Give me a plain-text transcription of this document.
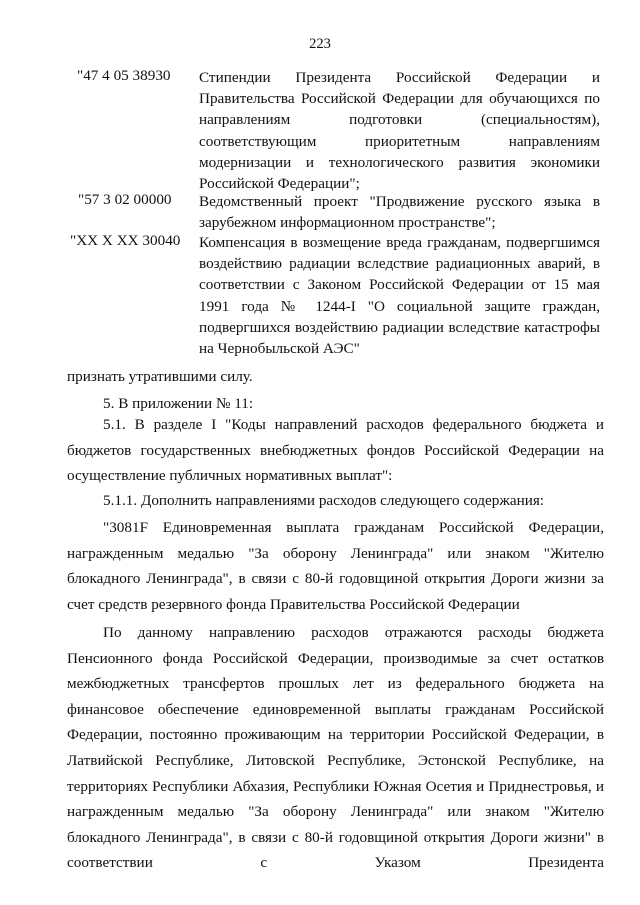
223
"47 4 05 38930 Стипендии Президента Российской Федерации и Правительства Российской Федерации для обучающихся по направлениям подготовки (специальностям), соответствующим приоритетным направлениям модернизации и технологического развития экономики Российской Федерации";
"57 3 02 00000 Ведомственный проект "Продвижение русского языка в зарубежном информационном пространстве";
"ХХ Х ХХ 30040 Компенсация в возмещение вреда гражданам, подвергшимся воздействию радиации вследствие радиационных аварий, в соответствии с Законом Российской Федерации от 15 мая 1991 года № 1244-I "О социальной защите граждан, подвергшихся воздействию радиации вследствие катастрофы на Чернобыльской АЭС"
признать утратившими силу.
5. В приложении № 11:
5.1. В разделе I "Коды направлений расходов федерального бюджета и бюджетов государственных внебюджетных фондов Российской Федерации на осуществление публичных нормативных выплат":
5.1.1. Дополнить направлениями расходов следующего содержания:
"3081F Единовременная выплата гражданам Российской Федерации, награжденным медалью "За оборону Ленинграда" или знаком "Жителю блокадного Ленинграда", в связи с 80-й годовщиной открытия Дороги жизни за счет средств резервного фонда Правительства Российской Федерации
По данному направлению расходов отражаются расходы бюджета Пенсионного фонда Российской Федерации, производимые за счет остатков межбюджетных трансфертов прошлых лет из федерального бюджета на финансовое обеспечение единовременной выплаты гражданам Российской Федерации, постоянно проживающим на территории Российской Федерации, в Латвийской Республике, Литовской Республике, Эстонской Республике, на территориях Республики Абхазия, Республики Южная Осетия и Приднестровья, и награжденным медалью "За оборону Ленинграда" или знаком "Жителю блокадного Ленинграда", в связи с 80-й годовщиной открытия Дороги жизни" в соответствии с Указом Президента
